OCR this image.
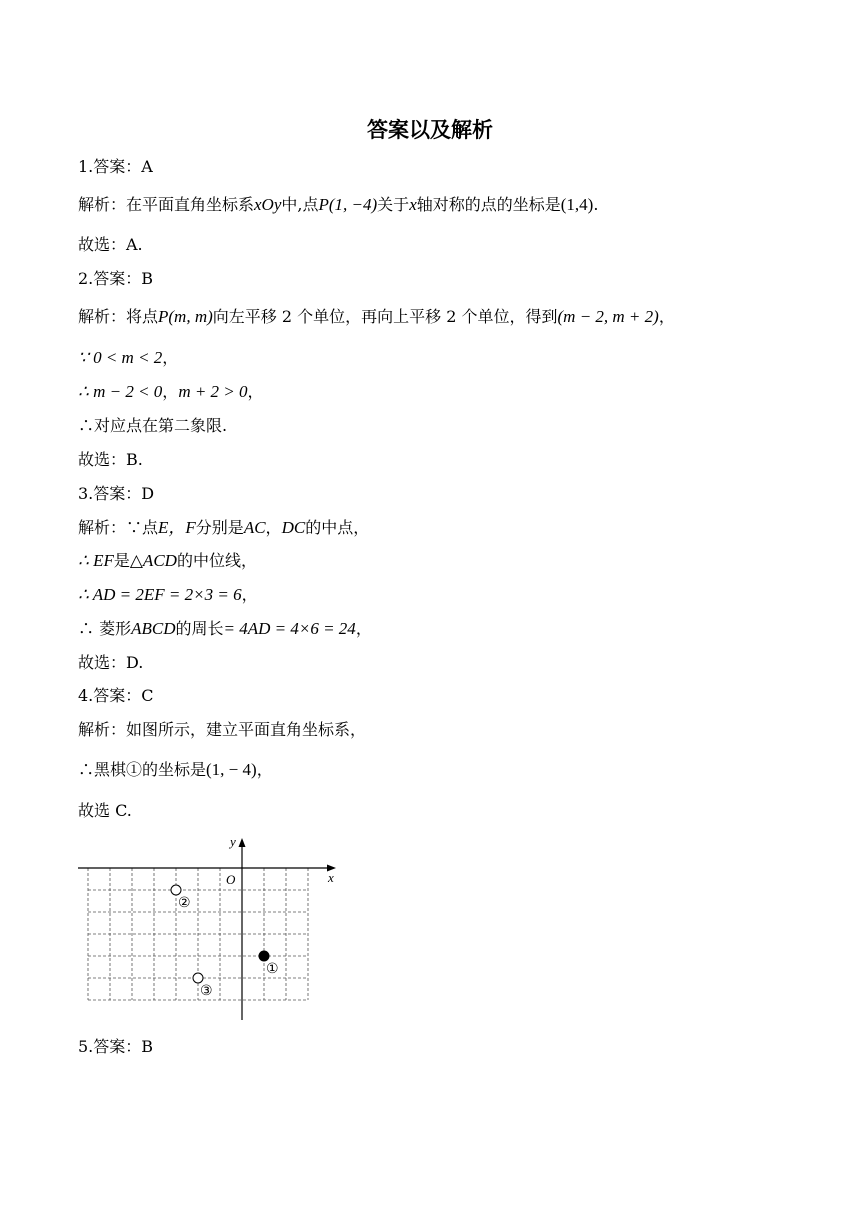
答案以及解析
1.答案：A
解析：在平面直角坐标系xOy中,点P(1, −4)关于x轴对称的点的坐标是(1,4).
故选：A.
2.答案：B
解析：将点P(m, m)向左平移 2 个单位，再向上平移 2 个单位，得到(m − 2, m + 2)，
∵ 0 < m < 2，
∴ m − 2 < 0，m + 2 > 0，
∴对应点在第二象限.
故选：B.
3.答案：D
解析：∵点E，F分别是AC，DC的中点，
∴ EF是△ACD的中位线，
∴ AD = 2EF = 2×3 = 6，
∴ 菱形ABCD的周长= 4AD = 4×6 = 24，
故选：D.
4.答案：C
解析：如图所示，建立平面直角坐标系，
∴黑棋①的坐标是(1, − 4)，
故选 C.
x
y
O
①
②
③
5.答案：B
